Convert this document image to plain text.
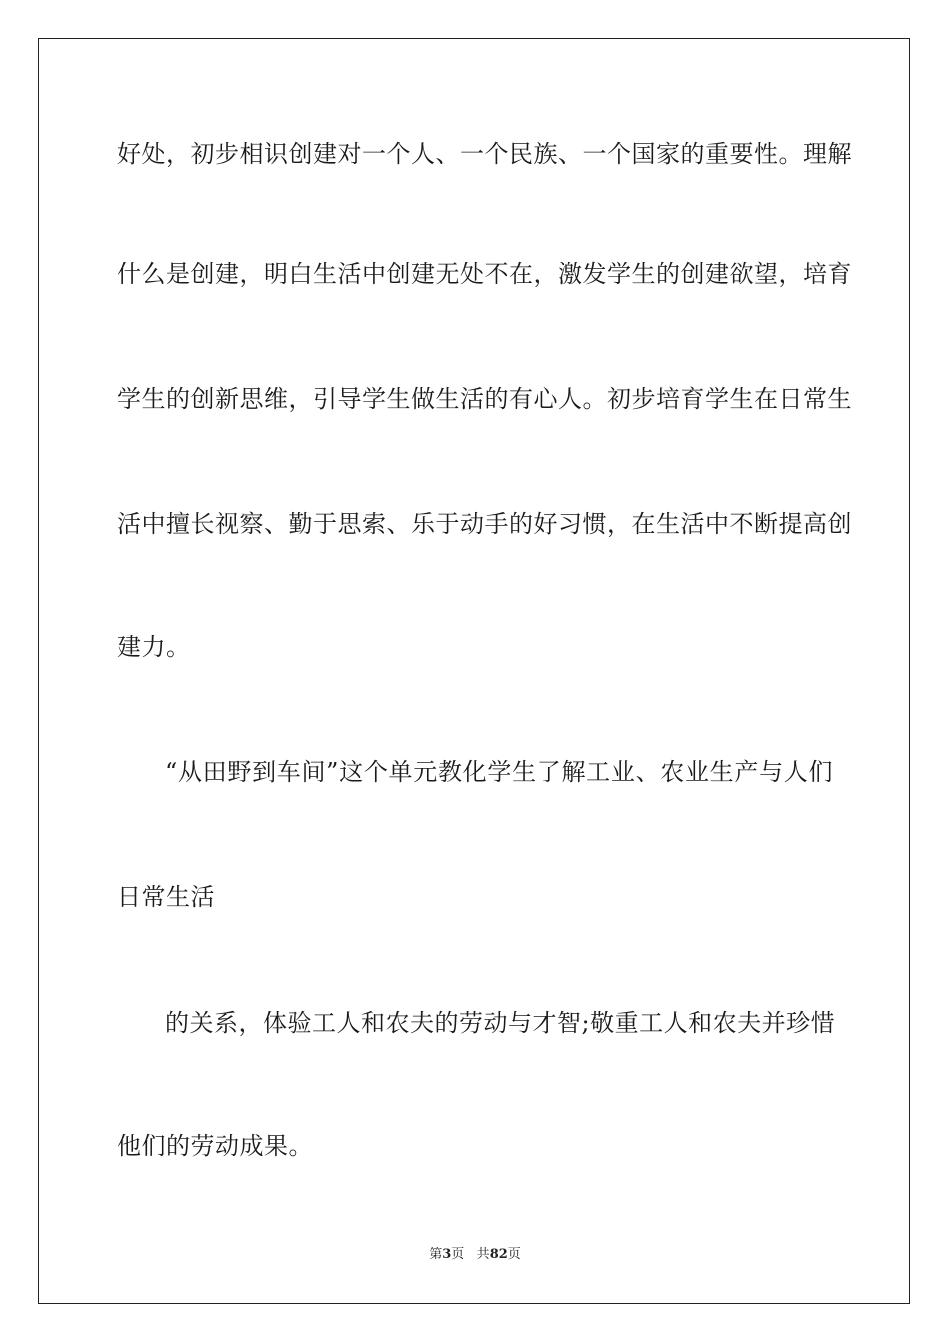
好处，初步相识创建对一个人、一个民族、一个国家的重要性。理解
什么是创建，明白生活中创建无处不在，激发学生的创建欲望，培育
学生的创新思维，引导学生做生活的有心人。初步培育学生在日常生
活中擅长视察、勤于思索、乐于动手的好习惯，在生活中不断提高创
建力。
“从田野到车间”这个单元教化学生了解工业、农业生产与人们
日常生活
的关系，体验工人和农夫的劳动与才智;敬重工人和农夫并珍惜
他们的劳动成果。
第3页 共82页
